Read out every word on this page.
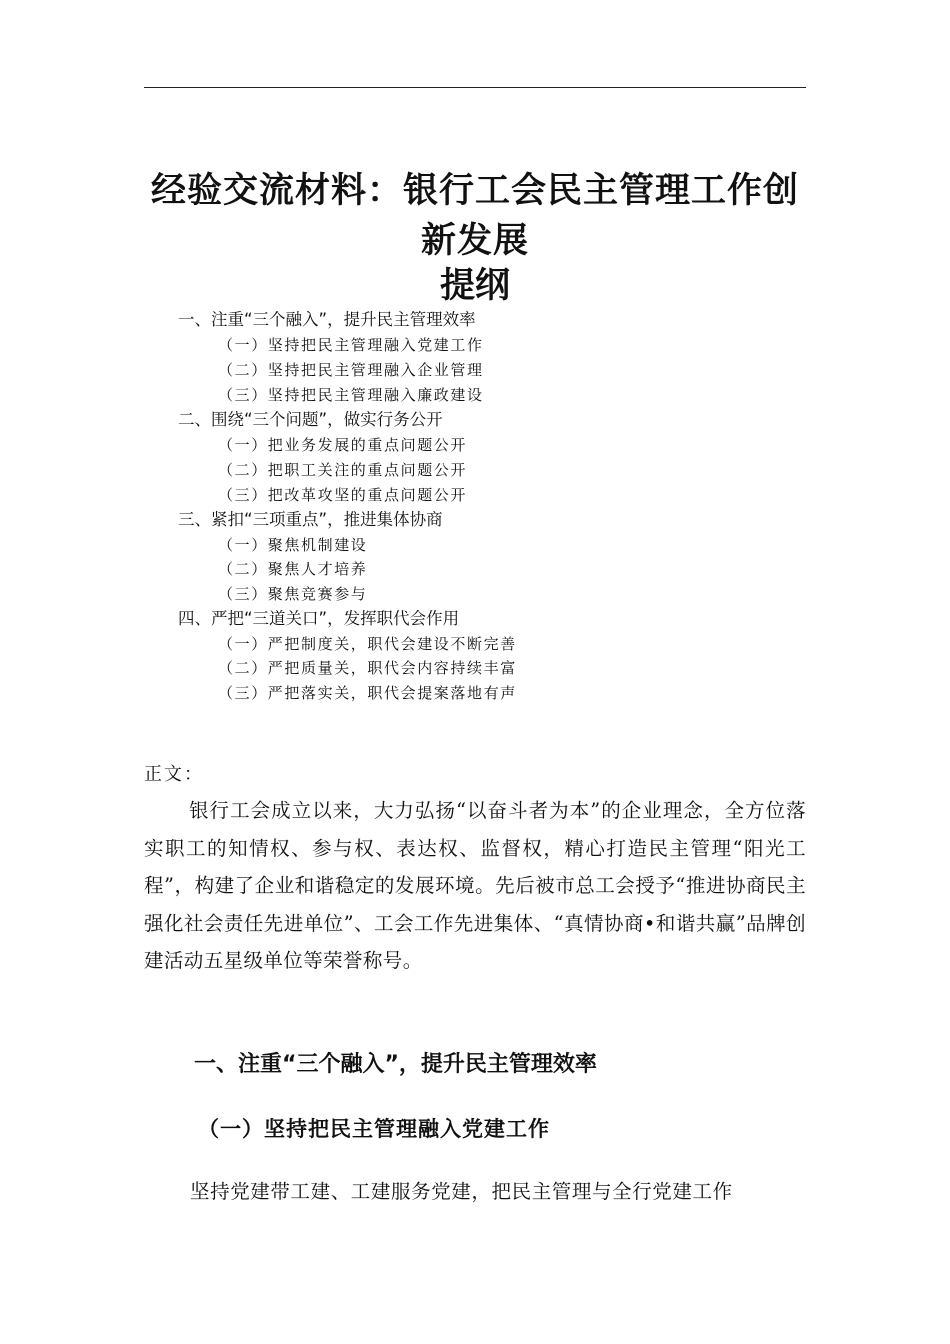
经验交流材料：银行工会民主管理工作创
新发展
提纲
一、注重“三个融入”，提升民主管理效率
（一）坚持把民主管理融入党建工作
（二）坚持把民主管理融入企业管理
（三）坚持把民主管理融入廉政建设
二、围绕“三个问题”，做实行务公开
（一）把业务发展的重点问题公开
（二）把职工关注的重点问题公开
（三）把改革攻坚的重点问题公开
三、紧扣“三项重点”，推进集体协商
（一）聚焦机制建设
（二）聚焦人才培养
（三）聚焦竞赛参与
四、严把“三道关口”，发挥职代会作用
（一）严把制度关，职代会建设不断完善
（二）严把质量关，职代会内容持续丰富
（三）严把落实关，职代会提案落地有声
正文：
银行工会成立以来，大力弘扬“以奋斗者为本”的企业理念，全方位落实职工的知情权、参与权、表达权、监督权，精心打造民主管理“阳光工程”，构建了企业和谐稳定的发展环境。先后被市总工会授予“推进协商民主 强化社会责任先进单位”、工会工作先进集体、“真情协商•和谐共赢”品牌创建活动五星级单位等荣誉称号。
一、注重“三个融入”，提升民主管理效率
（一）坚持把民主管理融入党建工作
坚持党建带工建、工建服务党建，把民主管理与全行党建工作
